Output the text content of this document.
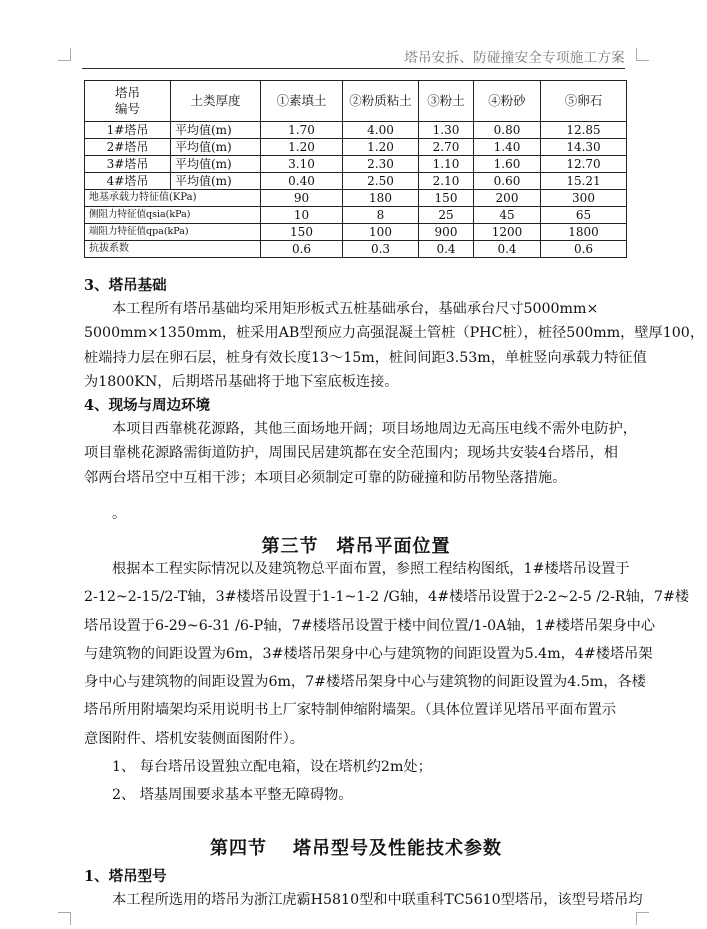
塔吊安拆、防碰撞安全专项施工方案
塔吊
编号	土类厚度	①素填土	②粉质粘土	③粉土	④粉砂	⑤卵石
1#塔吊	平均值(m)	1.70	4.00	1.30	0.80	12.85
2#塔吊	平均值(m)	1.20	1.20	2.70	1.40	14.30
3#塔吊	平均值(m)	3.10	2.30	1.10	1.60	12.70
4#塔吊	平均值(m)	0.40	2.50	2.10	0.60	15.21
地基承载力特征值(KPa)		90	180	150	200	300
侧阻力特征值qsia(kPa)		10	8	25	45	65
端阻力特征值qpa(kPa)		150	100	900	1200	1800
抗拔系数		0.6	0.3	0.4	0.4	0.6
3、塔吊基础
本工程所有塔吊基础均采用矩形板式五桩基础承台，基础承台尺寸5000mm×
5000mm×1350mm，桩采用AB型预应力高强混凝土管桩（PHC桩），桩径500mm，壁厚100，
桩端持力层在卵石层，桩身有效长度13～15m，桩间间距3.53m，单桩竖向承载力特征值
为1800KN，后期塔吊基础将于地下室底板连接。
4、现场与周边环境
本项目西靠桃花源路，其他三面场地开阔；项目场地周边无高压电线不需外电防护，
项目靠桃花源路需街道防护，周围民居建筑都在安全范围内；现场共安装4台塔吊，相
邻两台塔吊空中互相干涉；本项目必须制定可靠的防碰撞和防吊物坠落措施。
。
第三节 塔吊平面位置
根据本工程实际情况以及建筑物总平面布置，参照工程结构图纸，1#楼塔吊设置于
2-12~2-15/2-T轴，3#楼塔吊设置于1-1~1-2 /G轴，4#楼塔吊设置于2-2~2-5 /2-R轴，7#楼
塔吊设置于6-29~6-31 /6-P轴，7#楼塔吊设置于楼中间位置/1-0A轴，1#楼塔吊架身中心
与建筑物的间距设置为6m，3#楼塔吊架身中心与建筑物的间距设置为5.4m，4#楼塔吊架
身中心与建筑物的间距设置为6m，7#楼塔吊架身中心与建筑物的间距设置为4.5m，各楼
塔吊所用附墙架均采用说明书上厂家特制伸缩附墙架。（具体位置详见塔吊平面布置示
意图附件、塔机安装侧面图附件）。
1、 每台塔吊设置独立配电箱，设在塔机约2m处；
2、 塔基周围要求基本平整无障碍物。
第四节 塔吊型号及性能技术参数
1、塔吊型号
本工程所选用的塔吊为浙江虎霸H5810型和中联重科TC5610型塔吊，该型号塔吊均
